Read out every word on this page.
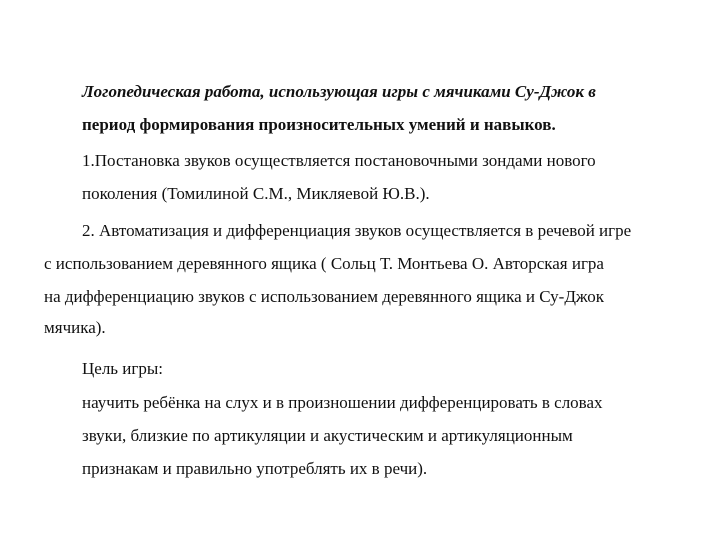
Логопедическая работа, использующая игры с мячиками Су-Джок в
период формирования произносительных умений и навыков.
1.Постановка звуков осуществляется постановочными зондами нового
поколения (Томилиной С.М., Микляевой Ю.В.).
2. Автоматизация и дифференциация звуков осуществляется в речевой игре
с использованием деревянного ящика ( Сольц Т. Монтьева О. Авторская игра
на дифференциацию звуков с использованием деревянного ящика и Су-Джок
мячика).
Цель игры:
научить ребёнка на слух и в произношении дифференцировать в словах
звуки, близкие по артикуляции и акустическим и артикуляционным
признакам и правильно употреблять их в речи).
